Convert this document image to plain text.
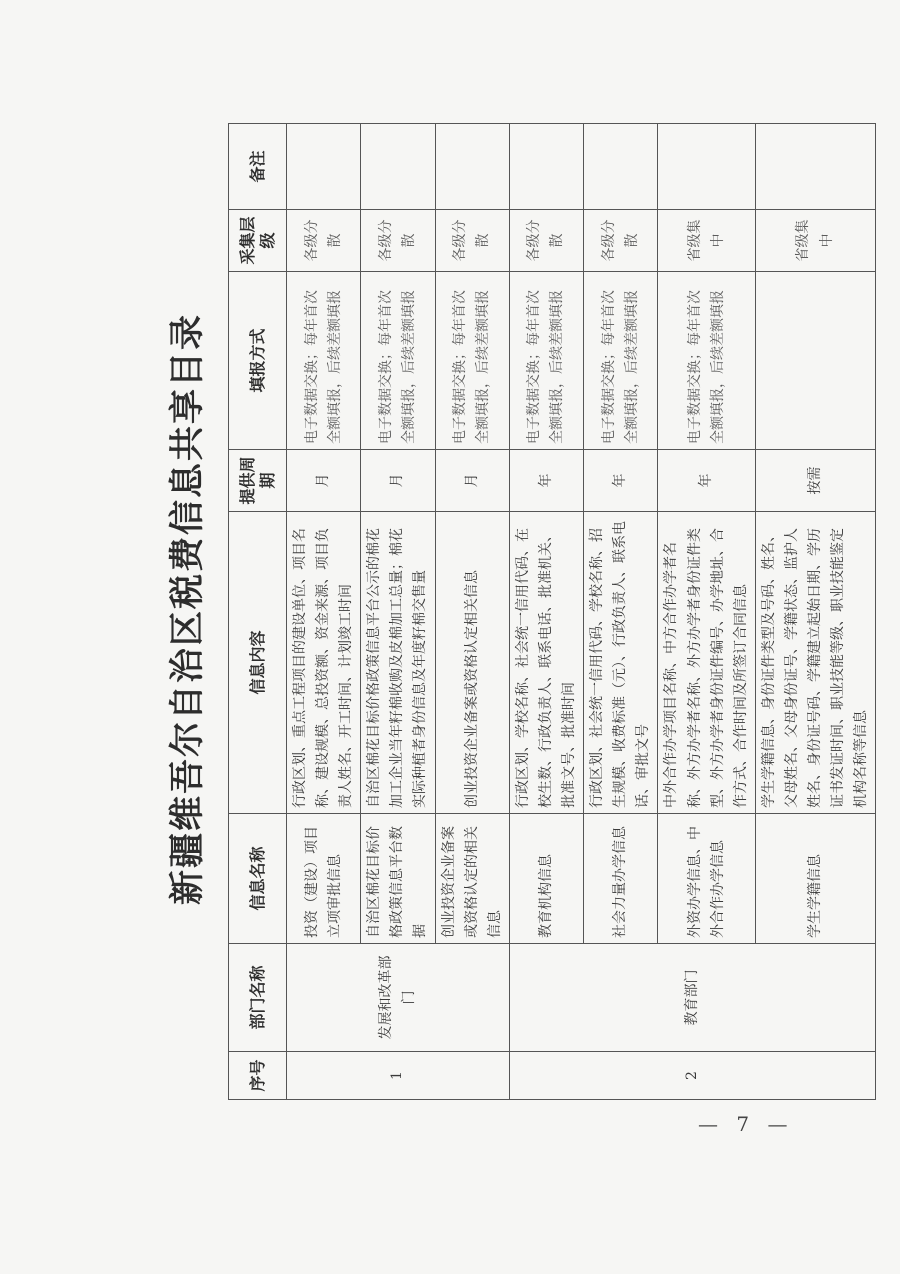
新疆维吾尔自治区税费信息共享目录
序号	部门名称	信息名称	信息内容	提供周期	填报方式	采集层级	备注
1	发展和改革部门	投资（建设）项目立项审批信息	行政区划、重点工程项目的建设单位、项目名称、建设规模、总投资额、资金来源、项目负责人姓名、开工时间、计划竣工时间	月	电子数据交换；每年首次全额填报，后续差额填报	各级分散	
		自治区棉花目标价格政策信息平台数据	自治区棉花目标价格政策信息平台公示的棉花加工企业当年籽棉收购及皮棉加工总量；棉花实际种植者身份信息及年度籽棉交售量	月	电子数据交换；每年首次全额填报，后续差额填报	各级分散	
		创业投资企业备案或资格认定的相关信息	创业投资企业备案或资格认定相关信息	月	电子数据交换；每年首次全额填报，后续差额填报	各级分散	
2	教育部门	教育机构信息	行政区划、学校名称、社会统一信用代码、在校生数、行政负责人、联系电话、批准机关、批准文号、批准时间	年	电子数据交换；每年首次全额填报，后续差额填报	各级分散	
		社会力量办学信息	行政区划、社会统一信用代码、学校名称、招生规模、收费标准（元）、行政负责人、联系电话、审批文号	年	电子数据交换；每年首次全额填报，后续差额填报	各级分散	
		外资办学信息、中外合作办学信息	中外合作办学项目名称、中方合作办学者名称、外方办学者名称、外方办学者身份证件类型、外方办学者身份证件编号、办学地址、合作方式、合作时间及所签订合同信息	年	电子数据交换；每年首次全额填报，后续差额填报	省级集中	
		学生学籍信息	学生学籍信息、身份证件类型及号码、姓名、父母姓名、父母身份证号、学籍状态、监护人姓名、身份证号码、学籍建立起始日期、学历证书发证时间、职业技能等级、职业技能鉴定机构名称等信息	按需		省级集中	
— 7 —
